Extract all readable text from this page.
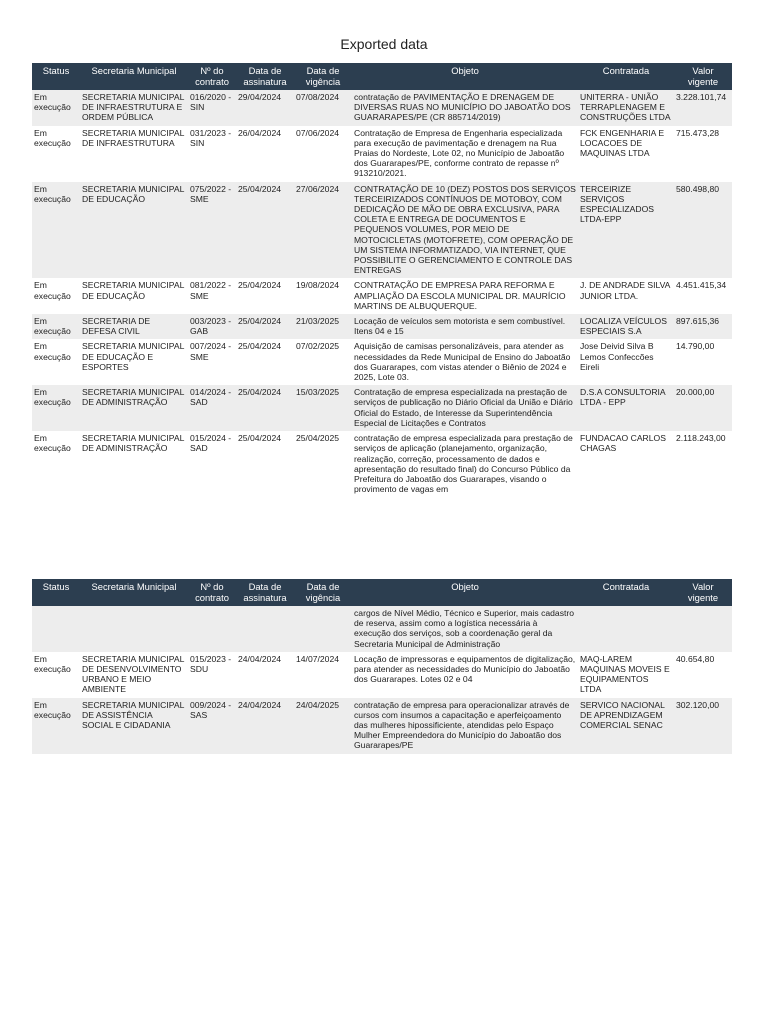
Exported data
Status	Secretaria Municipal	Nº do contrato	Data de assinatura	Data de vigência	Objeto	Contratada	Valor vigente
Em execução	SECRETARIA MUNICIPAL DE INFRAESTRUTURA E ORDEM PÚBLICA	016/2020 - SIN	29/04/2024	07/08/2024	contratação de PAVIMENTAÇÃO E DRENAGEM DE DIVERSAS RUAS NO MUNICÍPIO DO JABOATÃO DOS GUARARAPES/PE (CR 885714/2019)	UNITERRA - UNIÃO TERRAPLENAGEM E CONSTRUÇÕES LTDA	3.228.101,74
Em execução	SECRETARIA MUNICIPAL DE INFRAESTRUTURA	031/2023 - SIN	26/04/2024	07/06/2024	Contratação de Empresa de Engenharia especializada para execução de pavimentação e drenagem na Rua Praias do Nordeste, Lote 02, no Município de Jaboatão dos Guararapes/PE, conforme contrato de repasse nº 913210/2021.	FCK ENGENHARIA E LOCACOES DE MAQUINAS LTDA	715.473,28
Em execução	SECRETARIA MUNICIPAL DE EDUCAÇÃO	075/2022 - SME	25/04/2024	27/06/2024	CONTRATAÇÃO DE 10 (DEZ) POSTOS DOS SERVIÇOS TERCEIRIZADOS CONTÍNUOS DE MOTOBOY, COM DEDICAÇÃO DE MÃO DE OBRA EXCLUSIVA, PARA COLETA E ENTREGA DE DOCUMENTOS E PEQUENOS VOLUMES, POR MEIO DE MOTOCICLETAS (MOTOFRETE), COM OPERAÇÃO DE UM SISTEMA INFORMATIZADO, VIA INTERNET, QUE POSSIBILITE O GERENCIAMENTO E CONTROLE DAS ENTREGAS	TERCEIRIZE SERVIÇOS ESPECIALIZADOS LTDA-EPP	580.498,80
Em execução	SECRETARIA MUNICIPAL DE EDUCAÇÃO	081/2022 - SME	25/04/2024	19/08/2024	CONTRATAÇÃO DE EMPRESA PARA REFORMA E AMPLIAÇÃO DA ESCOLA MUNICIPAL DR. MAURÍCIO MARTINS DE ALBUQUERQUE.	J. DE ANDRADE SILVA JUNIOR LTDA.	4.451.415,34
Em execução	SECRETARIA DE DEFESA CIVIL	003/2023 - GAB	25/04/2024	21/03/2025	Locação de veículos sem motorista e sem combustível. Itens 04 e 15	LOCALIZA VEÍCULOS ESPECIAIS S.A	897.615,36
Em execução	SECRETARIA MUNICIPAL DE EDUCAÇÃO E ESPORTES	007/2024 - SME	25/04/2024	07/02/2025	Aquisição de camisas personalizáveis, para atender as necessidades da Rede Municipal de Ensino do Jaboatão dos Guararapes, com vistas atender o Biênio de 2024 e 2025, Lote 03.	Jose Deivid Silva B Lemos Confeccões Eireli	14.790,00
Em execução	SECRETARIA MUNICIPAL DE ADMINISTRAÇÃO	014/2024 - SAD	25/04/2024	15/03/2025	Contratação de empresa especializada na prestação de serviços de publicação no Diário Oficial da União e Diário Oficial do Estado, de Interesse da Superintendência Especial de Licitações e Contratos	D.S.A CONSULTORIA LTDA - EPP	20.000,00
Em execução	SECRETARIA MUNICIPAL DE ADMINISTRAÇÃO	015/2024 - SAD	25/04/2024	25/04/2025	contratação de empresa especializada para prestação de serviços de aplicação (planejamento, organização, realização, correção, processamento de dados e apresentação do resultado final) do Concurso Público da Prefeitura do Jaboatão dos Guararapes, visando o provimento de vagas em	FUNDACAO CARLOS CHAGAS	2.118.243,00
Status	Secretaria Municipal	Nº do contrato	Data de assinatura	Data de vigência	Objeto	Contratada	Valor vigente
					cargos de Nível Médio, Técnico e Superior, mais cadastro de reserva, assim como a logística necessária à execução dos serviços, sob a coordenação geral da Secretaria Municipal de Administração		
Em execução	SECRETARIA MUNICIPAL DE DESENVOLVIMENTO URBANO E MEIO AMBIENTE	015/2023 - SDU	24/04/2024	14/07/2024	Locação de impressoras e equipamentos de digitalização, para atender as necessidades do Município do Jaboatão dos Guararapes. Lotes 02 e 04	MAQ-LAREM MAQUINAS MOVEIS E EQUIPAMENTOS LTDA	40.654,80
Em execução	SECRETARIA MUNICIPAL DE ASSISTÊNCIA SOCIAL E CIDADANIA	009/2024 - SAS	24/04/2024	24/04/2025	contratação de empresa para operacionalizar através de cursos com insumos a capacitação e aperfeiçoamento das mulheres hipossificiente, atendidas pelo Espaço Mulher Empreendedora do Município do Jaboatão dos Guararapes/PE	SERVICO NACIONAL DE APRENDIZAGEM COMERCIAL SENAC	302.120,00
